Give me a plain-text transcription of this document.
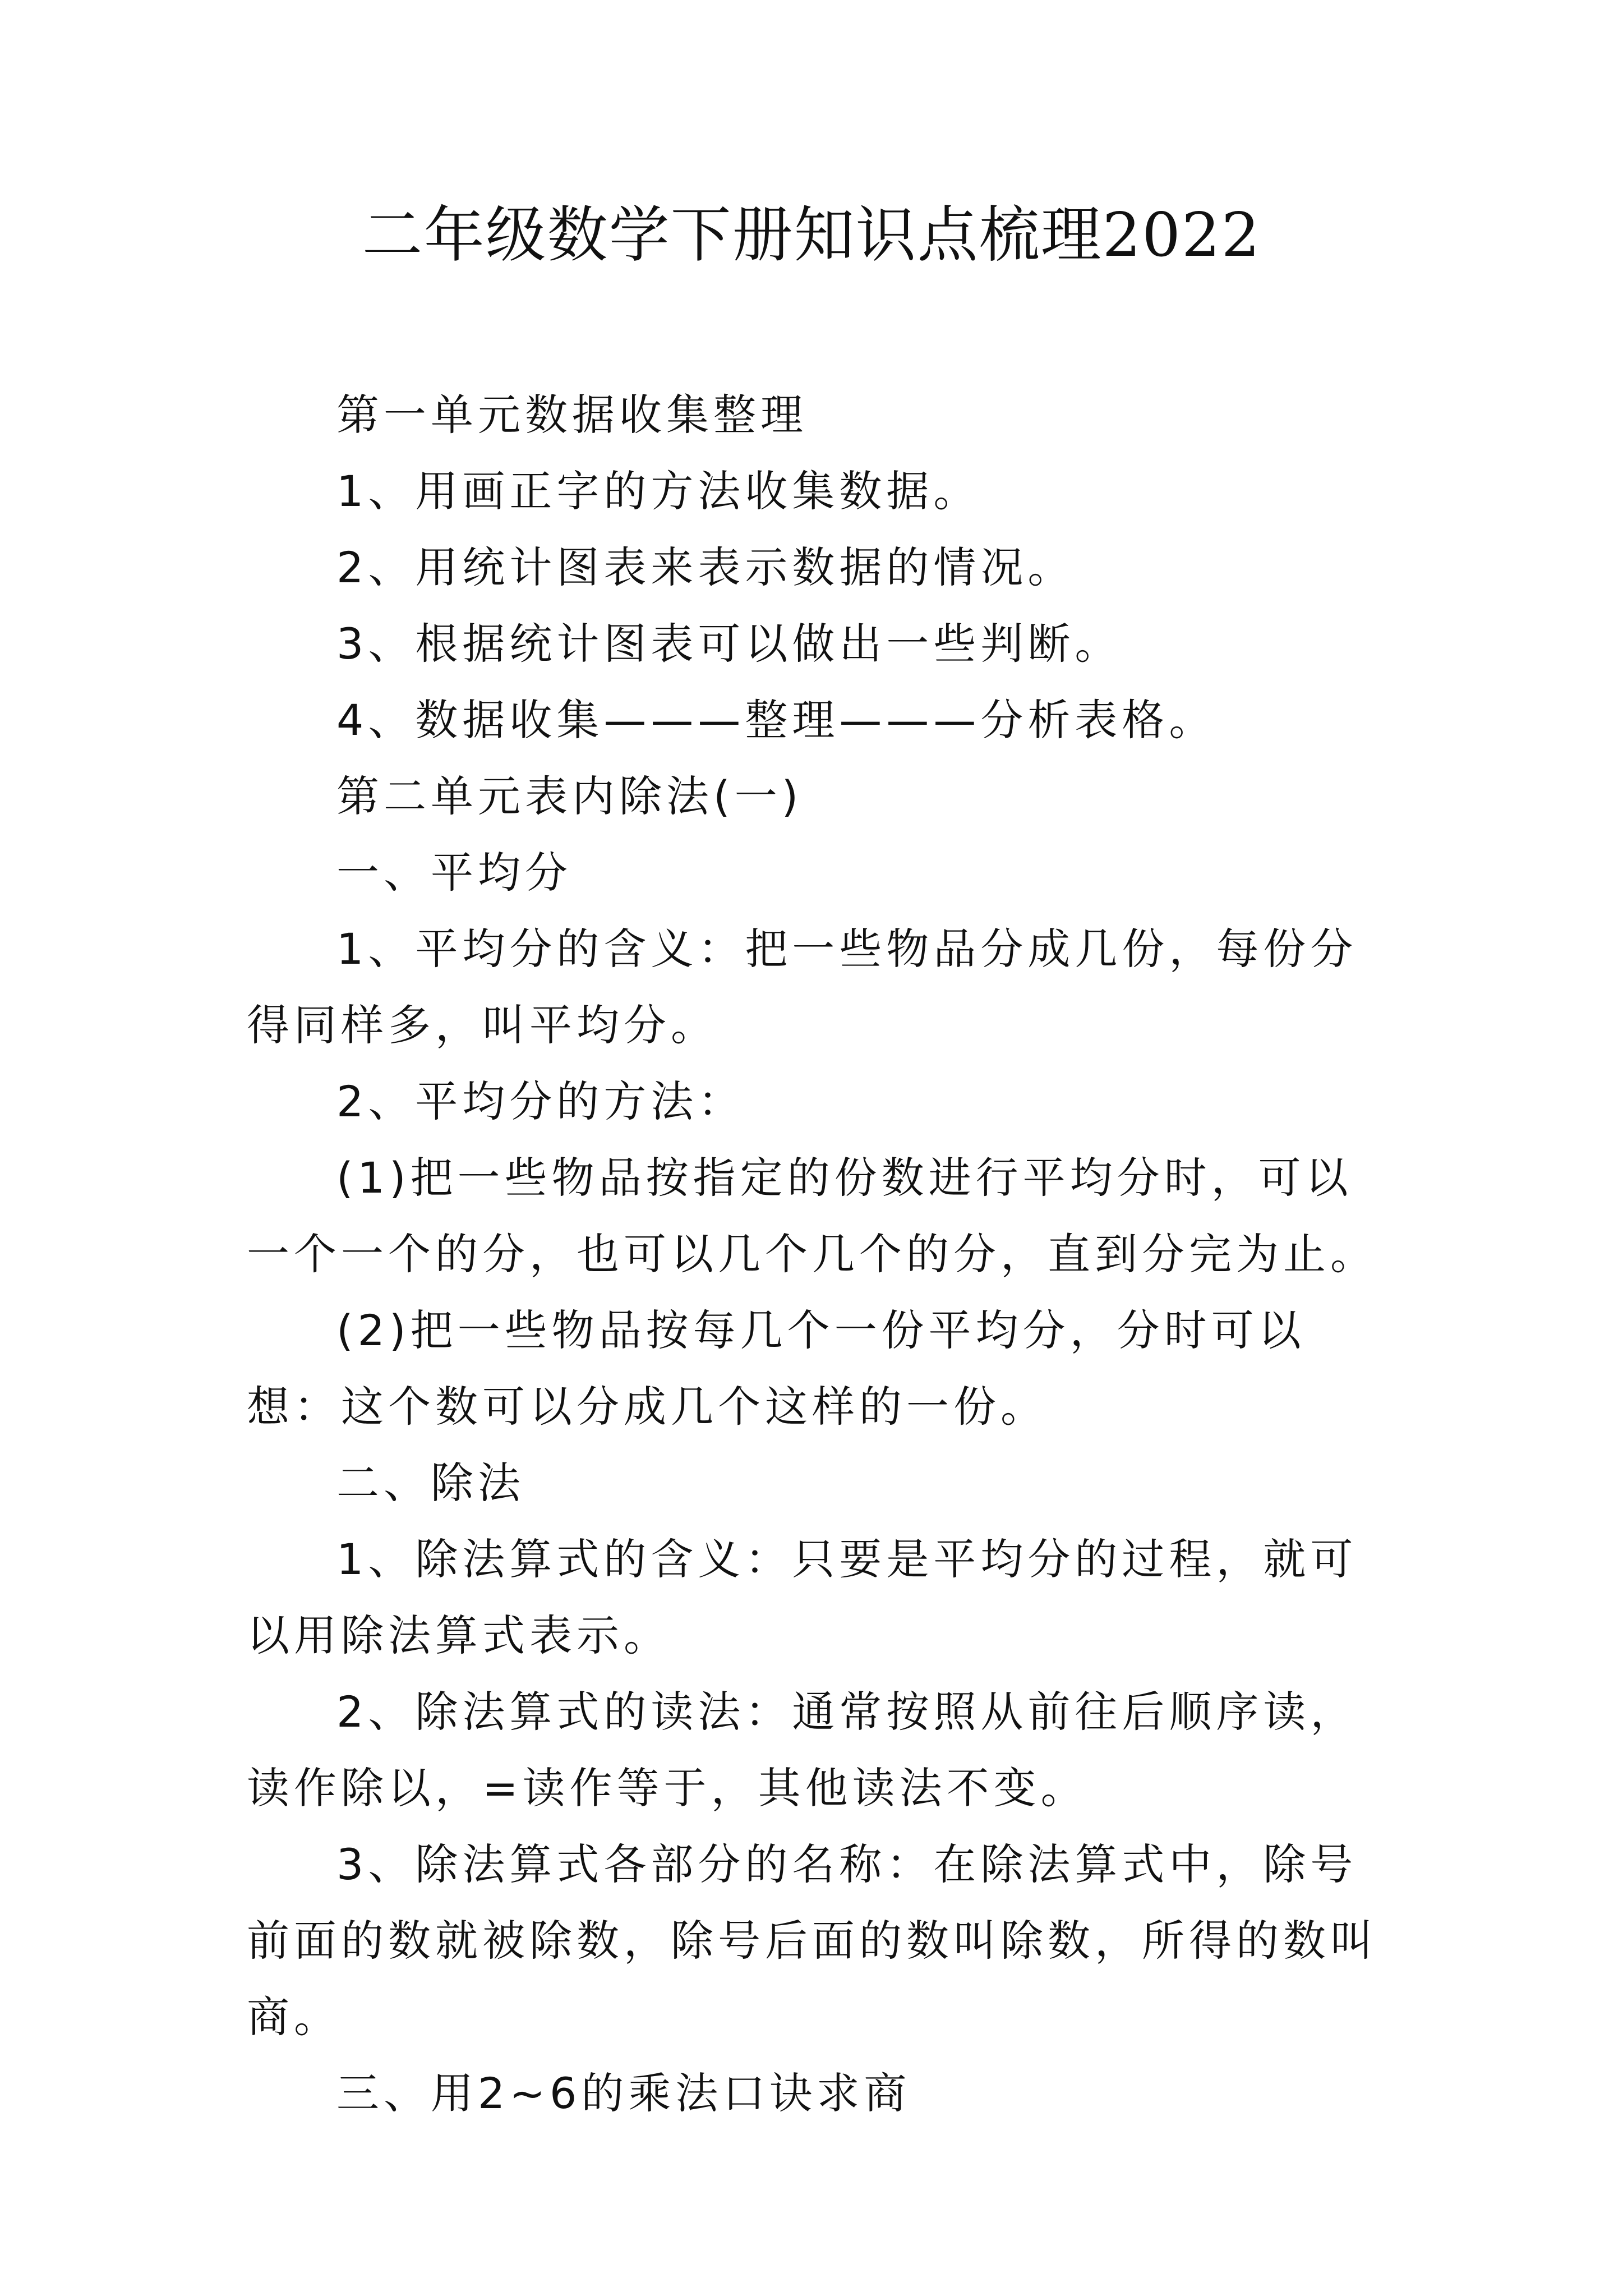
二年级数学下册知识点梳理2022

第一单元数据收集整理

1、用画正字的方法收集数据。

2、用统计图表来表示数据的情况。

3、根据统计图表可以做出一些判断。

4、数据收集———整理———分析表格。

第二单元表内除法(一)

一、平均分

1、平均分的含义：把一些物品分成几份，每份分得同样多，叫平均分。

2、平均分的方法：

(1)把一些物品按指定的份数进行平均分时，可以一个一个的分，也可以几个几个的分，直到分完为止。

(2)把一些物品按每几个一份平均分，分时可以想：这个数可以分成几个这样的一份。

二、除法

1、除法算式的含义：只要是平均分的过程，就可以用除法算式表示。

2、除法算式的读法：通常按照从前往后顺序读，读作除以，=读作等于，其他读法不变。

3、除法算式各部分的名称：在除法算式中，除号前面的数就被除数，除号后面的数叫除数，所得的数叫商。

三、用2~6的乘法口诀求商
